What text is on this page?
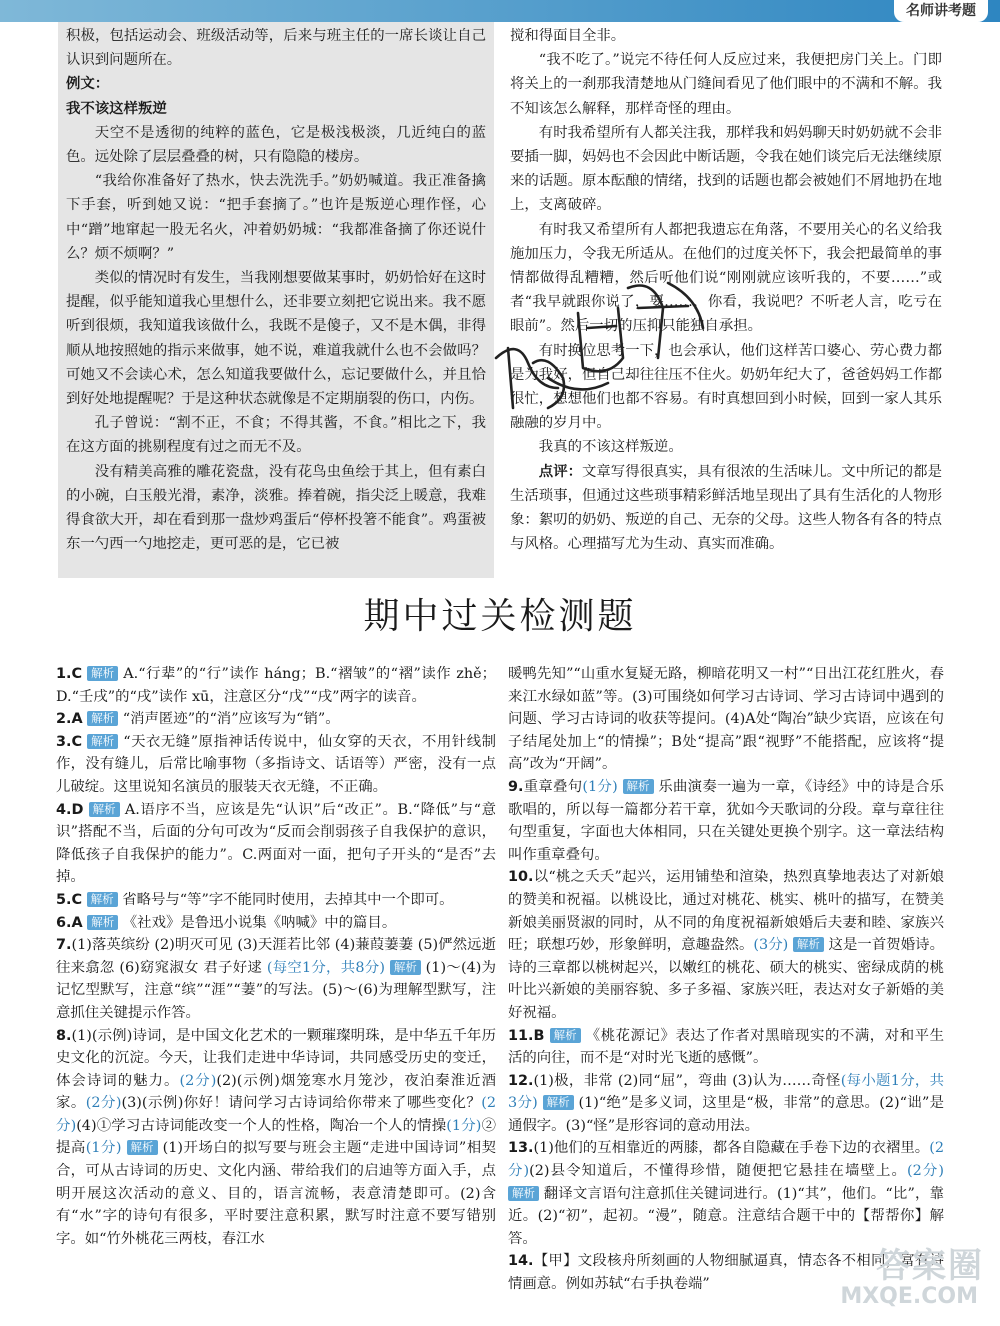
名师讲考题

积极，包括运动会、班级活动等，后来与班主任的一席长谈让自己认识到问题所在。

例文：

我不该这样叛逆

天空不是透彻的纯粹的蓝色，它是极浅极淡，几近纯白的蓝色。远处除了层层叠叠的树，只有隐隐的楼房。

“我给你准备好了热水，快去洗洗手。”奶奶喊道。我正准备擒下手套，听到她又说：“把手套摘了。”也许是叛逆心理作怪，心中“蹭”地窜起一股无名火，冲着奶奶城：“我都准备摘了你还说什么？烦不烦啊？”

类似的情况时有发生，当我刚想要做某事时，奶奶恰好在这时提醒，似乎能知道我心里想什么，还非要立刻把它说出来。我不愿听到很烦，我知道我该做什么，我既不是傻子，又不是木偶，非得顺从地按照她的指示来做事，她不说，难道我就什么也不会做吗？可她又不会读心术，怎么知道我要做什么，忘记要做什么，并且恰到好处地提醒呢？于是这种状态就像是不定期崩裂的伤口，内伤。

孔子曾说：“割不正，不食；不得其酱，不食。”相比之下，我在这方面的挑剔程度有过之而无不及。

没有精美高雅的雕花瓷盘，没有花鸟虫鱼绘于其上，但有素白的小碗，白玉般光滑，素净，淡雅。捧着碗，指尖泛上暖意，我难得食欲大开，却在看到那一盘炒鸡蛋后“停杯投箸不能食”。鸡蛋被东一勺西一勺地挖走，更可恶的是，它已被

搅和得面目全非。

“我不吃了。”说完不待任何人反应过来，我便把房门关上。门即将关上的一刹那我清楚地从门缝间看见了他们眼中的不满和不解。我不知该怎么解释，那样奇怪的理由。

有时我希望所有人都关注我，那样我和妈妈聊天时奶奶就不会非要插一脚，妈妈也不会因此中断话题，令我在她们谈完后无法继续原来的话题。原本酝酿的情绪，找到的话题也都会被她们不屑地扔在地上，支离破碎。

有时我又希望所有人都把我遗忘在角落，不要用关心的名义给我施加压力，令我无所适从。在他们的过度关怀下，我会把最简单的事情都做得乱糟糟，然后听他们说“刚刚就应该听我的，不要……”或者“我早就跟你说了，要……，你看，我说吧？不听老人言，吃亏在眼前”。然后一切的压抑只能独自承担。

有时换位思考一下，也会承认，他们这样苦口婆心、劳心费力都是为我好，但自己却往往压不住火。奶奶年纪大了，爸爸妈妈工作都很忙，想想他们也都不容易。有时真想回到小时候，回到一家人其乐融融的岁月中。

我真的不该这样叛逆。

点评：文章写得很真实，具有很浓的生活味儿。文中所记的都是生活琐事，但通过这些琐事精彩鲜活地呈现出了具有生活化的人物形象：絮叨的奶奶、叛逆的自己、无奈的父母。这些人物各有各的特点与风格。心理描写尤为生动、真实而准确。

期中过关检测题

1.C 解析 A.“行辈”的“行”读作 háng；B.“褶皱”的“褶”读作 zhě；D.“壬戌”的“戌”读作 xū，注意区分“戊”“戌”两字的读音。

2.A 解析 “消声匿迹”的“消”应该写为“销”。

3.C 解析 “天衣无缝”原指神话传说中，仙女穿的天衣，不用针线制作，没有缝儿，后常比喻事物（多指诗文、话语等）严密，没有一点儿破绽。这里说知名演员的服装天衣无缝，不正确。

4.D 解析 A.语序不当，应该是先“认识”后“改正”。B.“降低”与“意识”搭配不当，后面的分句可改为“反而会削弱孩子自我保护的意识，降低孩子自我保护的能力”。C.两面对一面，把句子开头的“是否”去掉。

5.C 解析 省略号与“等”字不能同时使用，去掉其中一个即可。

6.A 解析 《社戏》是鲁迅小说集《呐喊》中的篇目。

7.(1)落英缤纷 (2)明灭可见 (3)天涯若比邻 (4)蒹葭萋萋 (5)俨然远逝 往来翕忽 (6)窈窕淑女 君子好逑 (每空1分，共8分) 解析 (1)～(4)为记忆型默写，注意“缤”“涯”“萋”的写法。(5)～(6)为理解型默写，注意抓住关键提示作答。

8.(1)(示例)诗词，是中国文化艺术的一颗璀璨明珠，是中华五千年历史文化的沉淀。今天，让我们走进中华诗词，共同感受历史的变迁，体会诗词的魅力。(2分)(2)(示例)烟笼寒水月笼沙，夜泊秦淮近酒家。(2分)(3)(示例)你好！请问学习古诗词给你带来了哪些变化？(2分)(4)①学习古诗词能改变一个人的性格，陶冶一个人的情操(1分)②提高(1分) 解析 (1)开场白的拟写要与班会主题“走进中国诗词”相契合，可从古诗词的历史、文化内涵、带给我们的启迪等方面入手，点明开展这次活动的意义、目的，语言流畅，表意清楚即可。(2)含有“水”字的诗句有很多，平时要注意积累，默写时注意不要写错别字。如“竹外桃花三两枝，春江水

暖鸭先知”“山重水复疑无路，柳暗花明又一村”“日出江花红胜火，春来江水绿如蓝”等。(3)可围绕如何学习古诗词、学习古诗词中遇到的问题、学习古诗词的收获等提问。(4)A处“陶冶”缺少宾语，应该在句子结尾处加上“的情操”；B处“提高”跟“视野”不能搭配，应该将“提高”改为“开阔”。

9.重章叠句(1分) 解析 乐曲演奏一遍为一章，《诗经》中的诗是合乐歌唱的，所以每一篇都分若干章，犹如今天歌词的分段。章与章往往句型重复，字面也大体相同，只在关键处更换个别字。这一章法结构叫作重章叠句。

10.以“桃之夭夭”起兴，运用铺垫和渲染，热烈真挚地表达了对新娘的赞美和祝福。以桃设比，通过对桃花、桃实、桃叶的描写，在赞美新娘美丽贤淑的同时，从不同的角度祝福新娘婚后夫妻和睦、家族兴旺；联想巧妙，形象鲜明，意趣盎然。(3分) 解析 这是一首贺婚诗。诗的三章都以桃树起兴，以嫩红的桃花、硕大的桃实、密绿成荫的桃叶比兴新娘的美丽容貌、多子多福、家族兴旺，表达对女子新婚的美好祝福。

11.B 解析 《桃花源记》表达了作者对黑暗现实的不满，对和平生活的向往，而不是“对时光飞逝的感慨”。

12.(1)极，非常 (2)同“屈”，弯曲 (3)认为……奇怪(每小题1分，共3分) 解析 (1)“绝”是多义词，这里是“极，非常”的意思。(2)“诎”是通假字。(3)“怪”是形容词的意动用法。

13.(1)他们的互相靠近的两膝，都各自隐藏在手卷下边的衣褶里。(2分)(2)县令知道后，不懂得珍惜，随便把它悬挂在墙壁上。(2分) 解析 翻译文言语句注意抓住关键词进行。(1)“其”，他们。“比”，靠近。(2)“初”，起初。“漫”，随意。注意结合题干中的【帮帮你】解答。

14.【甲】文段核舟所刻画的人物细腻逼真，情态各不相同，富有诗情画意。例如苏轼“右手执卷端”	答案圈
MXQE.COM
